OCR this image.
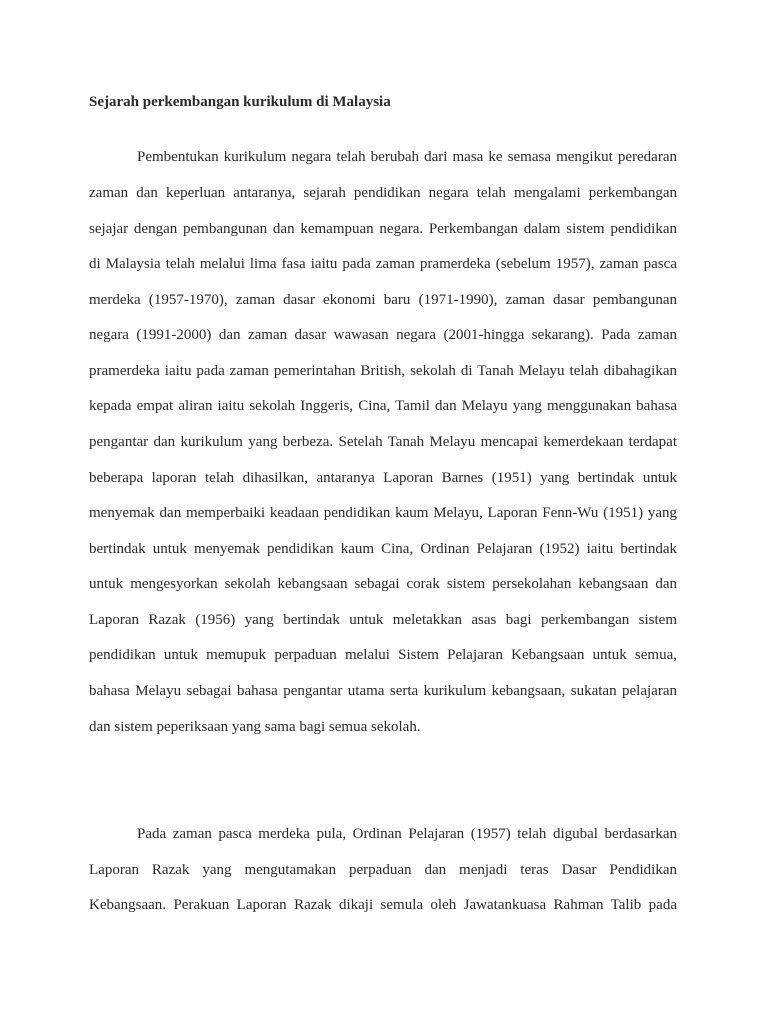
Sejarah perkembangan kurikulum di Malaysia

Pembentukan kurikulum negara telah berubah dari masa ke semasa mengikut peredaran

zaman dan keperluan antaranya, sejarah pendidikan negara telah mengalami perkembangan

sejajar dengan pembangunan dan kemampuan negara. Perkembangan dalam sistem pendidikan

di Malaysia telah melalui lima fasa iaitu pada zaman pramerdeka (sebelum 1957), zaman pasca

merdeka (1957-1970), zaman dasar ekonomi baru (1971-1990), zaman dasar pembangunan

negara (1991-2000) dan zaman dasar wawasan negara (2001-hingga sekarang). Pada zaman

pramerdeka iaitu pada zaman pemerintahan British, sekolah di Tanah Melayu telah dibahagikan

kepada empat aliran iaitu sekolah Inggeris, Cina, Tamil dan Melayu yang menggunakan bahasa

pengantar dan kurikulum yang berbeza. Setelah Tanah Melayu mencapai kemerdekaan terdapat

beberapa laporan telah dihasilkan, antaranya Laporan Barnes (1951) yang bertindak untuk

menyemak dan memperbaiki keadaan pendidikan kaum Melayu, Laporan Fenn-Wu (1951) yang

bertindak untuk menyemak pendidikan kaum Cina, Ordinan Pelajaran (1952) iaitu bertindak

untuk mengesyorkan sekolah kebangsaan sebagai corak sistem persekolahan kebangsaan dan

Laporan Razak (1956) yang bertindak untuk meletakkan asas bagi perkembangan sistem

pendidikan untuk memupuk perpaduan melalui Sistem Pelajaran Kebangsaan untuk semua,

bahasa Melayu sebagai bahasa pengantar utama serta kurikulum kebangsaan, sukatan pelajaran

dan sistem peperiksaan yang sama bagi semua sekolah.

Pada zaman pasca merdeka pula, Ordinan Pelajaran (1957) telah digubal berdasarkan

Laporan Razak yang mengutamakan perpaduan dan menjadi teras Dasar Pendidikan

Kebangsaan. Perakuan Laporan Razak dikaji semula oleh Jawatankuasa Rahman Talib pada
